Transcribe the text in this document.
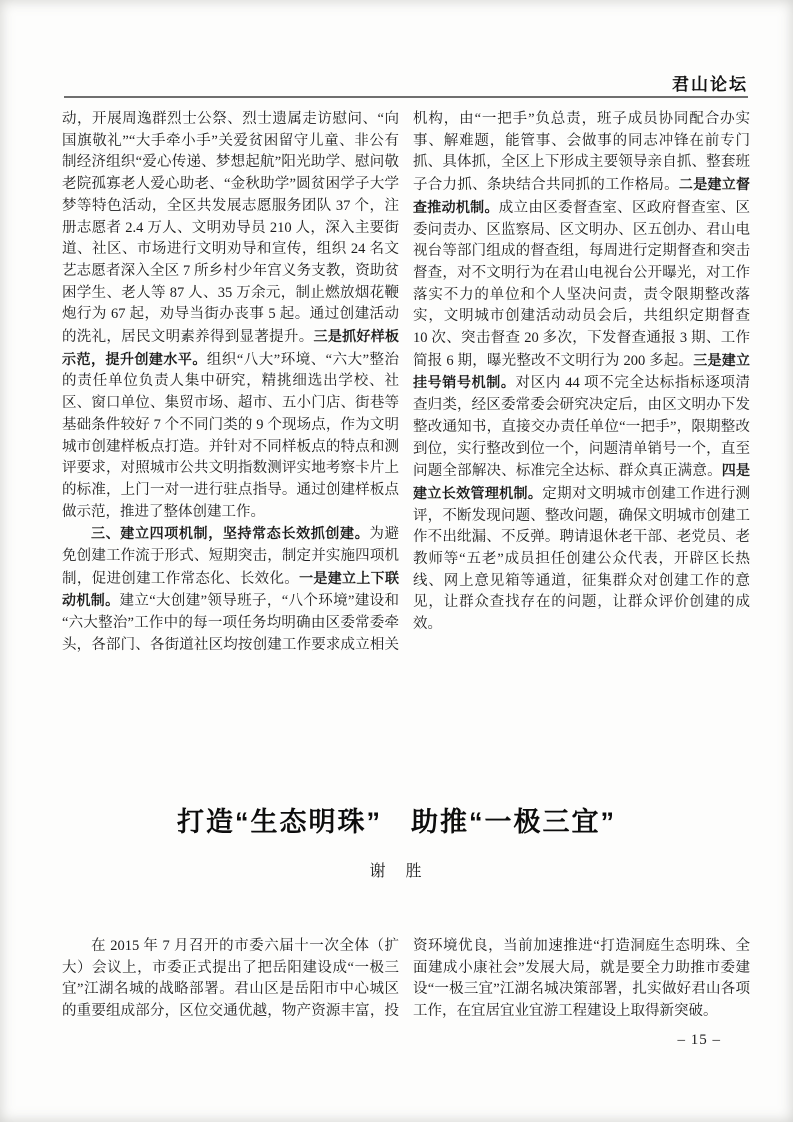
君山论坛

动，开展周逸群烈士公祭、烈士遗属走访慰问、“向国旗敬礼”“大手牵小手”关爱贫困留守儿童、非公有制经济组织“爱心传递、梦想起航”阳光助学、慰问敬老院孤寡老人爱心助老、“金秋助学”圆贫困学子大学梦等特色活动，全区共发展志愿服务团队 37 个，注册志愿者 2.4 万人、文明劝导员 210 人，深入主要街道、社区、市场进行文明劝导和宣传，组织 24 名文艺志愿者深入全区 7 所乡村少年宫义务支教，资助贫困学生、老人等 87 人、35 万余元，制止燃放烟花鞭炮行为 67 起，劝导当街办丧事 5 起。通过创建活动的洗礼，居民文明素养得到显著提升。三是抓好样板示范，提升创建水平。组织“八大”环境、“六大”整治的责任单位负责人集中研究，精挑细选出学校、社区、窗口单位、集贸市场、超市、五小门店、街巷等基础条件较好 7 个不同门类的 9 个现场点，作为文明城市创建样板点打造。并针对不同样板点的特点和测评要求，对照城市公共文明指数测评实地考察卡片上的标准，上门一对一进行驻点指导。通过创建样板点做示范，推进了整体创建工作。

三、建立四项机制，坚持常态长效抓创建。为避免创建工作流于形式、短期突击，制定并实施四项机制，促进创建工作常态化、长效化。一是建立上下联动机制。建立“大创建”领导班子，“八个环境”建设和“六大整治”工作中的每一项任务均明确由区委常委牵头，各部门、各街道社区均按创建工作要求成立相关机构，由“一把手”负总责，班子成员协同配合办实事、解难题，能管事、会做事的同志冲锋在前专门抓、具体抓，全区上下形成主要领导亲自抓、整套班子合力抓、条块结合共同抓的工作格局。二是建立督查推动机制。成立由区委督查室、区政府督查室、区委问责办、区监察局、区文明办、区五创办、君山电视台等部门组成的督查组，每周进行定期督查和突击督查，对不文明行为在君山电视台公开曝光，对工作落实不力的单位和个人坚决问责，责令限期整改落实，文明城市创建活动动员会后，共组织定期督查 10 次、突击督查 20 多次，下发督查通报 3 期、工作简报 6 期，曝光整改不文明行为 200 多起。三是建立挂号销号机制。对区内 44 项不完全达标指标逐项清查归类，经区委常委会研究决定后，由区文明办下发整改通知书，直接交办责任单位“一把手”，限期整改到位，实行整改到位一个，问题清单销号一个，直至问题全部解决、标准完全达标、群众真正满意。四是建立长效管理机制。定期对文明城市创建工作进行测评，不断发现问题、整改问题，确保文明城市创建工作不出纰漏、不反弹。聘请退休老干部、老党员、老教师等“五老”成员担任创建公众代表，开辟区长热线、网上意见箱等通道，征集群众对创建工作的意见，让群众查找存在的问题，让群众评价创建的成效。

打造“生态明珠”　助推“一极三宜”
谢　胜

在 2015 年 7 月召开的市委六届十一次全体（扩大）会议上，市委正式提出了把岳阳建设成“一极三宜”江湖名城的战略部署。君山区是岳阳市中心城区的重要组成部分，区位交通优越，物产资源丰富，投资环境优良，当前加速推进“打造洞庭生态明珠、全面建成小康社会”发展大局，就是要全力助推市委建设“一极三宜”江湖名城决策部署，扎实做好君山各项工作，在宜居宜业宜游工程建设上取得新突破。

– 15 –
